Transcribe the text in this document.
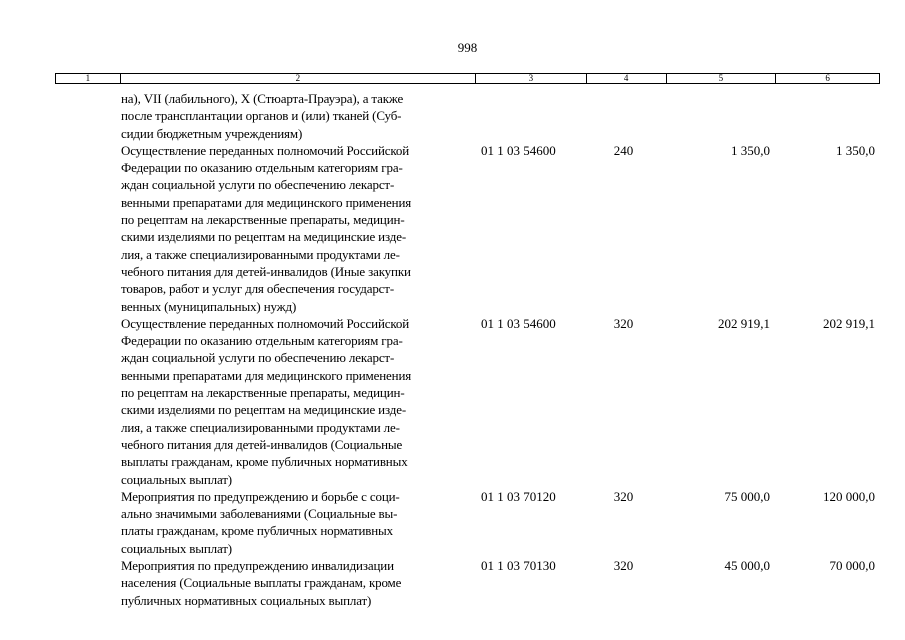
998
1	2	3	4	5	6
на), VII (лабильного), X (Стюарта-Прауэра), а также
после трансплантации органов и (или) тканей (Суб-
сидии бюджетным учреждениям)
Осуществление переданных полномочий Российской
Федерации по оказанию отдельным категориям гра-
ждан социальной услуги по обеспечению лекарст-
венными препаратами для медицинского применения
по рецептам на лекарственные препараты, медицин-
скими изделиями по рецептам на медицинские изде-
лия, а также специализированными продуктами ле-
чебного питания для детей-инвалидов (Иные закупки
товаров, работ и услуг для обеспечения государст-
венных (муниципальных) нужд)
01 1 03 54600	240	1 350,0	1 350,0
Осуществление переданных полномочий Российской
Федерации по оказанию отдельным категориям гра-
ждан социальной услуги по обеспечению лекарст-
венными препаратами для медицинского применения
по рецептам на лекарственные препараты, медицин-
скими изделиями по рецептам на медицинские изде-
лия, а также специализированными продуктами ле-
чебного питания для детей-инвалидов (Социальные
выплаты гражданам, кроме публичных нормативных
социальных выплат)
01 1 03 54600	320	202 919,1	202 919,1
Мероприятия по предупреждению и борьбе с соци-
ально значимыми заболеваниями (Социальные вы-
платы гражданам, кроме публичных нормативных
социальных выплат)
01 1 03 70120	320	75 000,0	120 000,0
Мероприятия по предупреждению инвалидизации
населения (Социальные выплаты гражданам, кроме
публичных нормативных социальных выплат)
01 1 03 70130	320	45 000,0	70 000,0
